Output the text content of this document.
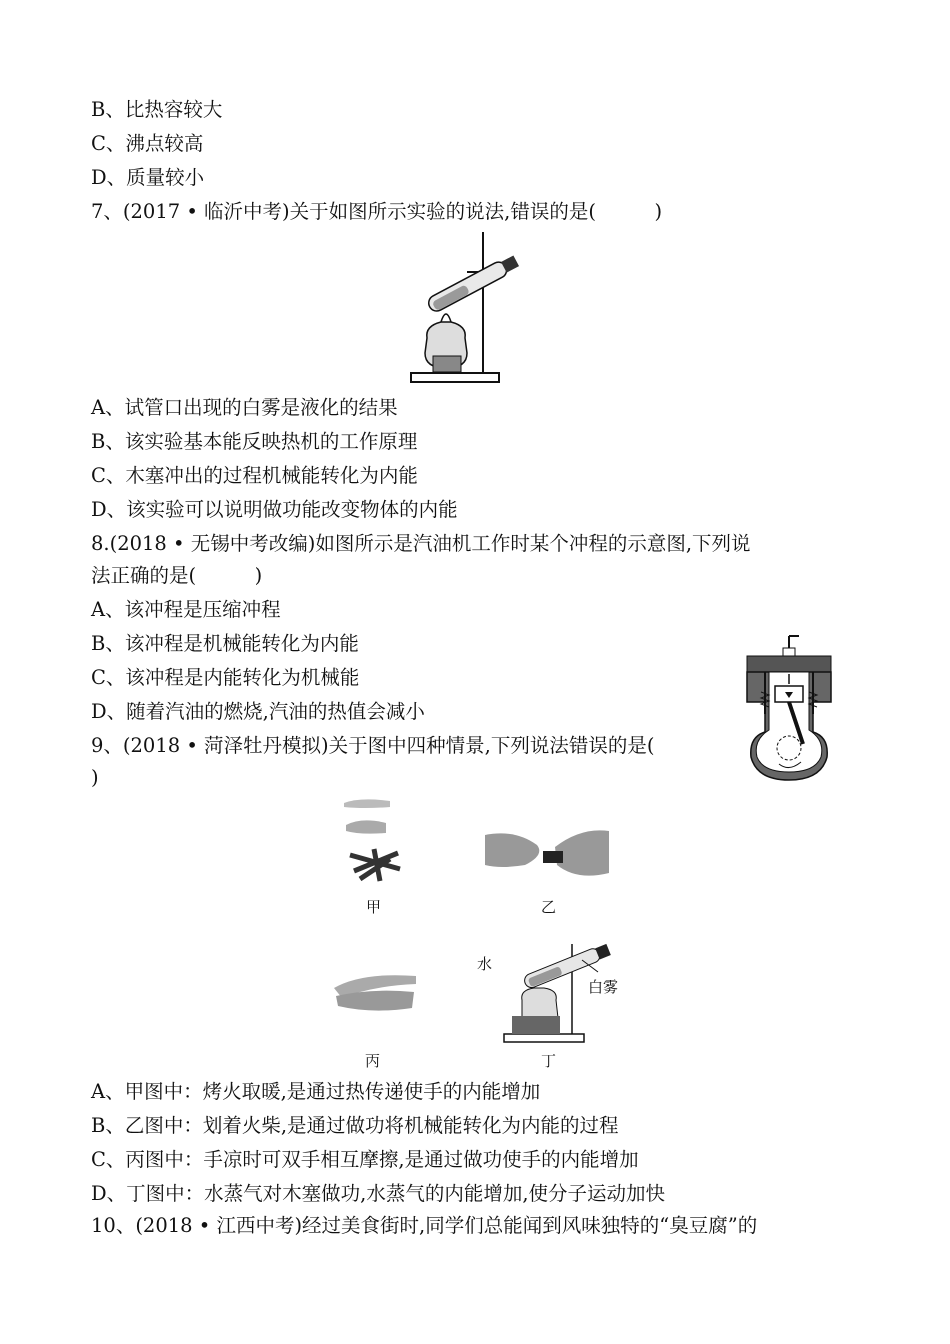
B、比热容较大
C、沸点较高
D、质量较小
7、(2017 • 临沂中考)关于如图所示实验的说法,错误的是(　　　)
A、试管口出现的白雾是液化的结果
B、该实验基本能反映热机的工作原理
C、木塞冲出的过程机械能转化为内能
D、该实验可以说明做功能改变物体的内能
8.(2018 • 无锡中考改编)如图所示是汽油机工作时某个冲程的示意图,下列说
法正确的是(　　　)
A、该冲程是压缩冲程
B、该冲程是机械能转化为内能
C、该冲程是内能转化为机械能
D、随着汽油的燃烧,汽油的热值会减小
9、(2018 • 菏泽牡丹模拟)关于图中四种情景,下列说法错误的是(
)
甲	乙
丙
水
白雾
丁
A、甲图中：烤火取暖,是通过热传递使手的内能增加
B、乙图中：划着火柴,是通过做功将机械能转化为内能的过程
C、丙图中：手凉时可双手相互摩擦,是通过做功使手的内能增加
D、丁图中：水蒸气对木塞做功,水蒸气的内能增加,使分子运动加快
10、(2018 • 江西中考)经过美食街时,同学们总能闻到风味独特的“臭豆腐”的
